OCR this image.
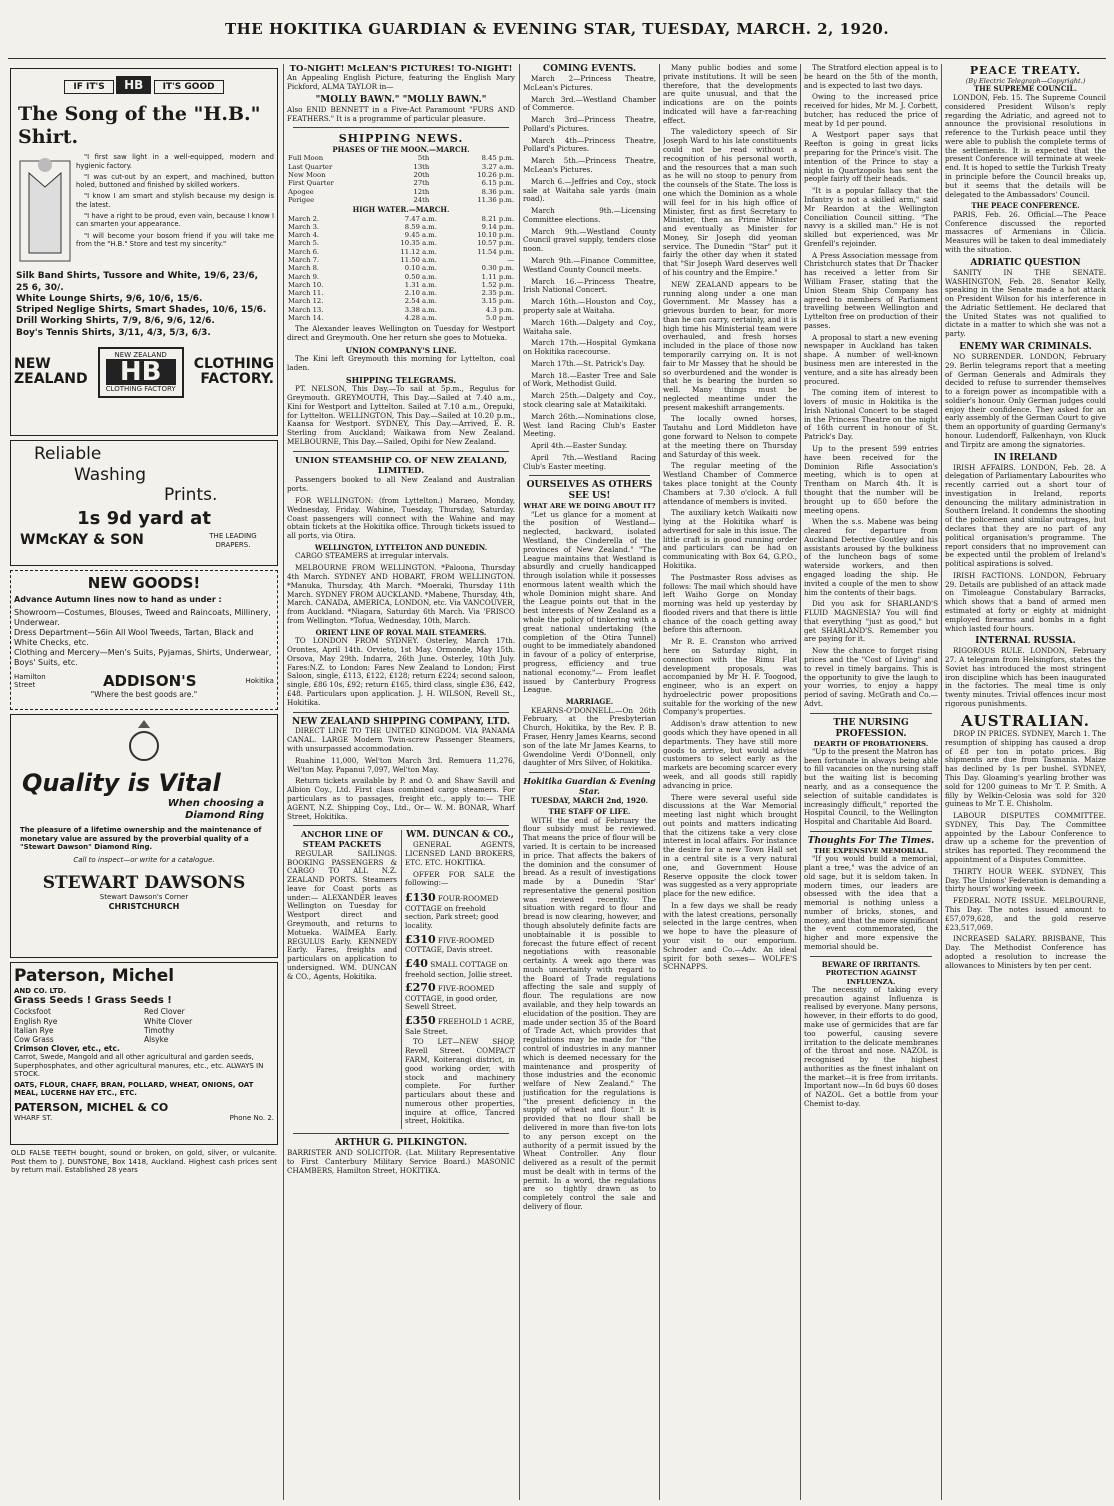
THE HOKITIKA GUARDIAN & EVENING STAR, TUESDAY, MARCH. 2, 1920.
IF IT'S HB IT'S GOOD
The Song of the "H.B." Shirt.

"I first saw light in a well-equipped, modern and hygienic factory.

"I was cut-out by an expert, and machined, button holed, buttoned and finished by skilled workers.

"I know I am smart and stylish because my design is the latest.

"I have a right to be proud, even vain, because I know I can smarten your appearance.

"I will become your bosom friend if you will take me from the "H.B." Store and test my sincerity."

Silk Band Shirts, Tussore and White, 19/6, 23/6, 25 6, 30/.
White Lounge Shirts, 9/6, 10/6, 15/6.
Striped Neglige Shirts, Smart Shades, 10/6, 15/6.
Drill Working Shirts, 7/9, 8/6, 9/6, 12/6.
Boy's Tennis Shirts, 3/11, 4/3, 5/3, 6/3.
NEW
ZEALAND
NEW ZEALAND
HB
CLOTHING FACTORY
CLOTHING
FACTORY.
Reliable
Washing
Prints.
1s 9d yard at
WMcKAY & SON	THE LEADING DRAPERS.
NEW GOODS!
Advance Autumn lines now to hand as under :
Showroom—Costumes, Blouses, Tweed and Raincoats, Millinery, Underwear.
Dress Department—56in All Wool Tweeds, Tartan, Black and White Checks, etc.
Clothing and Mercery—Men's Suits, Pyjamas, Shirts, Underwear, Boys' Suits, etc.
Hamilton Street	ADDISON'S	Hokitika
"Where the best goods are."
Quality is Vital
When choosing a
Diamond Ring
The pleasure of a lifetime ownership and the maintenance of monetary value are assured by the proverbial quality of a "Stewart Dawson" Diamond Ring.
Call to inspect—or write for a catalogue.
STEWART DAWSONS
Stewart Dawson's Corner
CHRISTCHURCH
Paterson, Michel
AND CO. LTD.
Grass Seeds ! Grass Seeds !
Cocksfoot	Red Clover
English Rye	White Clover
Italian Rye	Timothy
Cow Grass	Alsyke
Crimson Clover, etc., etc.
Carrot, Swede, Mangold and all other agricultural and garden seeds, Superphosphates, and other agricultural manures, etc., etc. ALWAYS IN STOCK.
OATS, FLOUR, CHAFF, BRAN, POLLARD, WHEAT, ONIONS, OAT MEAL, LUCERNE HAY ETC., ETC.
PATERSON, MICHEL & CO
WHARF ST.	Phone No. 2.
OLD FALSE TEETH bought, sound or broken, on gold, silver, or vulcanite. Post them to J. DUNSTONE, Box 1418, Auckland. Highest cash prices sent by return mail. Established 28 years
TO-NIGHT! McLEAN'S PICTURES! TO-NIGHT!

An Appealing English Picture, featuring the English Mary Pickford, ALMA TAYLOR in—

"MOLLY BAWN." "MOLLY BAWN."

Also ENID BENNETT in a Five-Act Paramount "FURS AND FEATHERS." It is a programme of particular pleasure.

SHIPPING NEWS.
PHASES OF THE MOON.—MARCH.
Full Moon	5th	8.45 p.m.
Last Quarter	13th	3.27 a.m.
New Moon	20th	10.26 p.m.
First Quarter	27th	6.15 p.m.
Apogee	12th	8.36 p.m.
Perigee	24th	11.36 p.m.
HIGH WATER.—MARCH.
March 2.	7.47 a.m.	8.21 p.m.
March 3.	8.59 a.m.	9.14 p.m.
March 4.	9.45 a.m.	10.10 p.m.
March 5.	10.35 a.m.	10.57 p.m.
March 6.	11.12 a.m.	11.54 p.m.
March 7.	11.50 a.m.	—
March 8.	0.10 a.m.	0.30 p.m.
March 9.	0.50 a.m.	1.11 p.m.
March 10.	1.31 a.m.	1.52 p.m.
March 11.	2.10 a.m.	2.35 p.m.
March 12.	2.54 a.m.	3.15 p.m.
March 13.	3.38 a.m.	4.3 p.m.
March 14.	4.28 a.m.	5.0 p.m.

The Alexander leaves Wellington on Tuesday for Westport direct and Greymouth. One her return she goes to Motueka.

UNION COMPANY'S LINE.

The Kini left Greymouth this morning for Lyttelton, coal laden.

SHIPPING TELEGRAMS.

PT. NELSON, This Day.—To sail at 5p.m., Regulus for Greymouth. GREYMOUTH, This Day.—Sailed at 7.40 a.m., Kini for Westport and Lyttelton. Sailed at 7.10 a.m., Orepuki, for Lyttelton. WELLINGTON, This Day.—Sailed at 10.20 p.m., Kaansa for Westport. SYDNEY, This Day.—Arrived, E. R. Sterling from Auckland; Waikawa from New Zealand. MELBOURNE, This Day.—Sailed, Opihi for New Zealand.

UNION STEAMSHIP CO. OF NEW ZEALAND, LIMITED.

Passengers booked to all New Zealand and Australian ports.

FOR WELLINGTON: (from Lyttelton.) Maraeo, Monday, Wednesday, Friday. Wahine, Tuesday, Thursday, Saturday. Coast passengers will connect with the Wahine and may obtain tickets at the Hokitika office. Through tickets issued to all ports, via Otira.

WELLINGTON, LYTTELTON AND DUNEDIN.

CARGO STEAMERS at irregular intervals.

MELBOURNE FROM WELLINGTON. *Paloona, Thursday 4th March. SYDNEY AND HOBART, FROM WELLINGTON. *Manuka, Thursday, 4th March. *Moeraki, Thursday 11th March. SYDNEY FROM AUCKLAND. *Mabene, Thursday, 4th, March. CANADA, AMERICA, LONDON, etc. Via VANCOUVER, from Auckland. *Niagara, Saturday 6th March. Via 'FRISCO from Wellington. *Tofua, Wednesday, 10th, March.

ORIENT LINE OF ROYAL MAIL STEAMERS.

TO LONDON FROM SYDNEY. Osterley, March 17th. Orontes, April 14th. Orvieto, 1st May. Ormonde, May 15th. Orsova, May 29th. Indarra, 26th June. Osterley, 10th July. Fares:N.Z. to London: Fares New Zealand to London; First Saloon, single, £113, £122, £128; return £224; second saloon, single, £86 10s, £92; return £165, third class, single £36, £42, £48. Particulars upon application. J. H. WILSON, Revell St., Hokitika.

NEW ZEALAND SHIPPING COMPANY, LTD.

DIRECT LINE TO THE UNITED KINGDOM. VIA PANAMA CANAL. LARGE Modern Twin-screw Passenger Steamers, with unsurpassed accommodation.

Ruahine 11,000, Wel'ton March 3rd. Remuera 11,276, Wel'ton May. Papanui 7,097, Wel'ton May.

Return tickets available by P. and O. and Shaw Savill and Albion Coy., Ltd. First class combined cargo steamers. For particulars as to passages, freight etc., apply to:— THE AGENT, N.Z. Shipping Coy., Ltd., Or— W. M. BONAR, Wharf Street, Hokitika.

ANCHOR LINE OF STEAM PACKETS

REGULAR SAILINGS. BOOKING PASSENGERS & CARGO TO ALL N.Z. ZEALAND PORTS. Steamers leave for Coast ports as under:— ALEXANDER leaves Wellington on Tuesday for Westport direct and Greymouth, and returns to Motueka. WAIMEA Early. REGULUS Early. KENNEDY Early. Fares, freights and particulars on application to undersigned. WM. DUNCAN & CO., Agents, Hokitika.

WM. DUNCAN & CO.,

GENERAL AGENTS, LICENSED LAND BROKERS, ETC. ETC. HOKITIKA.

OFFER FOR SALE the following:—

£130 FOUR-ROOMED COTTAGE on freehold section, Park street; good locality.
£310 FIVE-ROOMED COTTAGE, Davis street.
£40 SMALL COTTAGE on freehold section, Jollie street.
£270 FIVE-ROOMED COTTAGE, in good order, Sewell Street.
£350 FREEHOLD 1 ACRE, Sale Street.

TO LET—NEW SHOP, Revell Street. COMPACT FARM, Koiterangi district, in good working order, with stock and machinery complete. For further particulars about these and numerous other properties, inquire at office, Tancred street, Hokitika.

ARTHUR G. PILKINGTON.

BARRISTER AND SOLICITOR. (Lat. Military Representative to First Canterbury Military Service Board.) MASONIC CHAMBERS, Hamilton Street, HOKITIKA.

COMING EVENTS.

March 2—Princess Theatre, McLean's Pictures.

March 3rd.—Westland Chamber of Commerce.

March 3rd—Princess Theatre, Pollard's Pictures.

March 4th—Princess Theatre, Pollard's Pictures.

March 5th.—Princess Theatre, McLean's Pictures.

March 6.—Jeffries and Coy., stock sale at Waitaha sale yards (main road).

March 9th.—Licensing Committee elections.

March 9th.—Westland County Council gravel supply, tenders close noon.

March 9th.—Finance Committee, Westland County Council meets.

March 16.—Princess Theatre, Irish National Concert.

March 16th.—Houston and Coy., property sale at Waitaha.

March 16th.—Dalgety and Coy., Waitaha sale.

March 17th.—Hospital Gymkana on Hokitika racecourse.

March 17th.—St. Patrick's Day.

March 18.—Easter Tree and Sale of Work, Methodist Guild.

March 25th.—Dalgety and Coy., stock clearing sale at Mataikitaki.

March 26th.—Nominations close, West land Racing Club's Easter Meeting.

April 4th.—Easter Sunday.

April 7th.—Westland Racing Club's Easter meeting.

OURSELVES AS OTHERS SEE US!
WHAT ARE WE DOING ABOUT IT?

"Let us glance for a moment at the position of Westland—neglected, backward, isolated Westland, the Cinderella of the provinces of New Zealand." "The League maintains that Westland is absurdly and cruelly handicapped through isolation while it possesses enormous latent wealth which the whole Dominion might share. And the League points out that in the best interests of New Zealand as a whole the policy of tinkering with a great national undertaking (the completion of the Otira Tunnel) ought to be immediately abandoned in favour of a policy of enterprise, progress, efficiency and true national economy."— From leaflet issued by Canterbury Progress League.

MARRIAGE.

KEARNS-O'DONNELL.—On 26th February, at the Presbyterian Church, Hokitika, by the Rev. P. B. Fraser, Henry James Kearns, second son of the late Mr James Kearns, to Gwendoline Verdi O'Donnell, only daughter of Mrs Silver, of Hokitika.

Hokitika Guardian & Evening Star.
TUESDAY, MARCH 2nd, 1920.
THE STAFF OF LIFE.

WITH the end of February the flour subsidy must be reviewed. That means the price of flour will be varied. It is certain to be increased in price. That affects the bakers of the dominion and the consumer of bread. As a result of investigations made by a Dunedin 'Star' representative the general position was reviewed recently. The situation with regard to flour and bread is now clearing, however, and though absolutely definite facts are unobtainable it is possible to forecast the future effect of recent negotiations with reasonable certainty. A week ago there was much uncertainty with regard to the Board of Trade regulations affecting the sale and supply of flour. The regulations are now available, and they help towards an elucidation of the position. They are made under section 35 of the Board of Trade Act, which provides that regulations may be made for "the control of industries in any manner which is deemed necessary for the maintenance and prosperity of those industries and the economic welfare of New Zealand." The justification for the regulations is "the present deficiency in the supply of wheat and flour." It is provided that no flour shall be delivered in more than five-ton lots to any person except on the authority of a permit issued by the Wheat Controller. Any flour delivered as a result of the permit must be dealt with in terms of the permit. In a word, the regulations are so tightly drawn as to completely control the sale and delivery of flour.

Many public bodies and some private institutions. It will be seen therefore, that the developments are quite unusual, and that the indications are on the points indicated will have a far-reaching effect.

The valedictory speech of Sir Joseph Ward to his late constituents could not be read without a recognition of his personal worth, and the resources that a man such as he will no stoop to penury from the counsels of the State. The loss is one which the Dominion as a whole will feel for in his high office of Minister, first as first Secretary to Minister, then as Prime Minister and eventually as Minister for Money, Sir Joseph did yeoman service. The Dunedin "Star" put it fairly the other day when it stated that "Sir Joseph Ward deserves well of his country and the Empire."

NEW ZEALAND appears to be running along under a one man Government. Mr Massey has a grievous burden to bear, for more than he can carry, certainly, and it is high time his Ministerial team were overhauled, and fresh horses included in the place of those now temporarily carrying on. It is not fair to Mr Massey that he should be so overburdened and the wonder is that he is bearing the burden so well. Many things must be neglected meantime under the present makeshift arrangements.

The locally owned horses, Tautahu and Lord Middleton have gone forward to Nelson to compete at the meeting there on Thursday and Saturday of this week.

The regular meeting of the Westland Chamber of Commerce takes place tonight at the County Chambers at 7.30 o'clock. A full attendance of members is invited.

The auxiliary ketch Waikaiti now lying at the Hokitika wharf is advertised for sale in this issue. The little craft is in good running order and particulars can be had on communicating with Box 64, G.P.O., Hokitika.

The Postmaster Ross advises as follows: The mail which should have left Waiho Gorge on Monday morning was held up yesterday by flooded rivers and that there is little chance of the coach getting away before this afternoon.

Mr R. E. Cranston who arrived here on Saturday night, in connection with the Rimu Flat development proposals, was accompanied by Mr H. F. Toogood, engineer, who is an expert on hydroelectric power propositions suitable for the working of the new Company's properties.

Addison's draw attention to new goods which they have opened in all departments. They have still more goods to arrive, but would advise customers to select early as the markets are becoming scarcer every week, and all goods still rapidly advancing in price.

There were several useful side discussions at the War Memorial meeting last night which brought out points and matters indicating that the citizens take a very close interest in local affairs. For instance the desire for a new Town Hall set in a central site is a very natural one, and Government House Reserve opposite the clock tower was suggested as a very appropriate place for the new edifice.

In a few days we shall be ready with the latest creations, personally selected in the large centres, when we hope to have the pleasure of your visit to our emporium. Schroder and Co.—Adv. An ideal spirit for both sexes— WOLFE'S SCHNAPPS.

The Stratford election appeal is to be heard on the 5th of the month, and is expected to last two days.

Owing to the increased price received for hides, Mr M. J. Corbett, butcher, has reduced the price of meat by 1d per pound.

A Westport paper says that Reefton is going in great licks preparing for the Prince's visit. The intention of the Prince to stay a night in Quartzopolis has sent the people fairly off their heads.

"It is a popular fallacy that the Infantry is not a skilled arm," said Mr Reardon at the Wellington Conciliation Council sitting. "The navvy is a skilled man." He is not skilled but experienced, was Mr Grenfell's rejoinder.

A Press Association message from Christchurch states that Dr Thacker has received a letter from Sir William Fraser, stating that the Union Steam Ship Company has agreed to members of Parliament travelling between Wellington and Lyttelton free on production of their passes.

A proposal to start a new evening newspaper in Auckland has taken shape. A number of well-known business men are interested in the venture, and a site has already been procured.

The coming item of interest to lovers of music in Hokitika is the Irish National Concert to be staged in the Princess Theatre on the night of 16th current in honour of St. Patrick's Day.

Up to the present 599 entries have been received for the Dominion Rifle Association's meeting, which is to open at Trentham on March 4th. It is thought that the number will be brought up to 650 before the meeting opens.

When the s.s. Mabene was being cleared for departure from Auckland Detective Goutley and his assistants aroused by the bulkiness of the luncheon bags of some waterside workers, and then engaged loading the ship. He invited a couple of the men to show him the contents of their bags.

Did you ask for SHARLAND'S FLUID MAGNESIA? You will find that everything "just as good," but get SHARLAND'S. Remember you are paying for it.

Now the chance to forget rising prices and the "Cost of Living" and to revel in timely bargains. This is the opportunity to give the laugh to your worries, to enjoy a happy period of saving. McGrath and Co.—Advt.

THE NURSING PROFESSION.
DEARTH OF PROBATIONERS.

"Up to the present the Matron has been fortunate in always being able to fill vacancies on the nursing staff but the waiting list is becoming nearly, and as a consequence the selection of suitable candidates is increasingly difficult," reported the Hospital Council, to the Wellington Hospital and Charitable Aid Board.

Thoughts For The Times.
THE EXPENSIVE MEMORIAL.

"If you would build a memorial, plant a tree," was the advice of an old sage, but it is seldom taken. In modern times, our leaders are obsessed with the idea that a memorial is nothing unless a number of bricks, stones, and money, and that the more significant the event commemorated, the higher and more expensive the memorial should be.

BEWARE OF IRRITANTS.
PROTECTION AGAINST INFLUENZA.

The necessity of taking every precaution against Influenza is realised by everyone. Many persons, however, in their efforts to do good, make use of germicides that are far too powerful, causing severe irritation to the delicate membranes of the throat and nose. NAZOL is recognised by the highest authorities as the finest inhalant on the market—it is free from irritants. Important now—In 6d buys 60 doses of NAZOL. Get a bottle from your Chemist to-day.

PEACE TREATY.
(By Electric Telegraph—Copyright.)
THE SUPREME COUNCIL.

LONDON, Feb. 15. The Supreme Council considered President Wilson's reply regarding the Adriatic, and agreed not to announce the provisional resolutions in reference to the Turkish peace until they were able to publish the complete terms of the settlements. It is expected that the present Conference will terminate at week-end. It is hoped to settle the Turkish Treaty in principle before the Council breaks up, but it seems that the details will be delegated to the Ambassadors' Council.

THE PEACE CONFERENCE.

PARIS, Feb. 26. Official.—The Peace Conference discussed the reported massacres of Armenians in Cilicia. Measures will be taken to deal immediately with the situation.

ADRIATIC QUESTION

SANITY IN THE SENATE. WASHINGTON, Feb. 28. Senator Kelly, speaking in the Senate made a hot attack on President Wilson for his interference in the Adriatic Settlement. He declared that the United States was not qualified to dictate in a matter to which she was not a party.

ENEMY WAR CRIMINALS.

NO SURRENDER. LONDON, February 29. Berlin telegrams report that a meeting of German Generals and Admirals they decided to refuse to surrender themselves to a foreign power as incompatible with a soldier's honour. Only German judges could enjoy their confidence. They asked for an early assembly of the German Court to give them an opportunity of guarding Germany's honour. Ludendorff, Falkenhayn, von Kluck and Tirpitz are among the signatories.

IN IRELAND

IRISH AFFAIRS. LONDON, Feb. 28. A delegation of Parliamentary Labourites who recently carried out a short tour of investigation in Ireland, reports denouncing the military administration in Southern Ireland. It condemns the shooting of the policemen and similar outrages, but declares that they are no part of any political organisation's programme. The report considers that no improvement can be expected until the problem of Ireland's political aspirations is solved.

IRISH FACTIONS. LONDON, February 29. Details are published of an attack made on Timoleague Constabulary Barracks, which shows that a band of armed men estimated at forty or eighty at midnight employed firearms and bombs in a fight which lasted four hours.

INTERNAL RUSSIA.

RIGOROUS RULE. LONDON, February 27. A telegram from Helsingfors, states the Soviet has introduced the most stringent iron discipline which has been inaugurated in the factories. The meal time is only twenty minutes. Trivial offences incur most rigorous punishments.

AUSTRALIAN.

DROP IN PRICES. SYDNEY, March 1. The resumption of shipping has caused a drop of £8 per ton in potato prices. Big shipments are due from Tasmania. Maize has declined by 1s per bushel. SYDNEY, This Day. Gloaming's yearling brother was sold for 1200 guineas to Mr T. P. Smith. A filly by Welkin-Celosia was sold for 320 guineas to Mr T. E. Chisholm.

LABOUR DISPUTES COMMITTEE. SYDNEY, This Day. The Committee appointed by the Labour Conference to draw up a scheme for the prevention of strikes has reported. They recommend the appointment of a Disputes Committee.

THIRTY HOUR WEEK. SYDNEY, This Day. The Unions' Federation is demanding a thirty hours' working week.

FEDERAL NOTE ISSUE. MELBOURNE, This Day. The notes issued amount to £57,079,628, and the gold reserve £23,517,069.

INCREASED SALARY. BRISBANE, This Day. The Methodist Conference has adopted a resolution to increase the allowances to Ministers by ten per cent.
